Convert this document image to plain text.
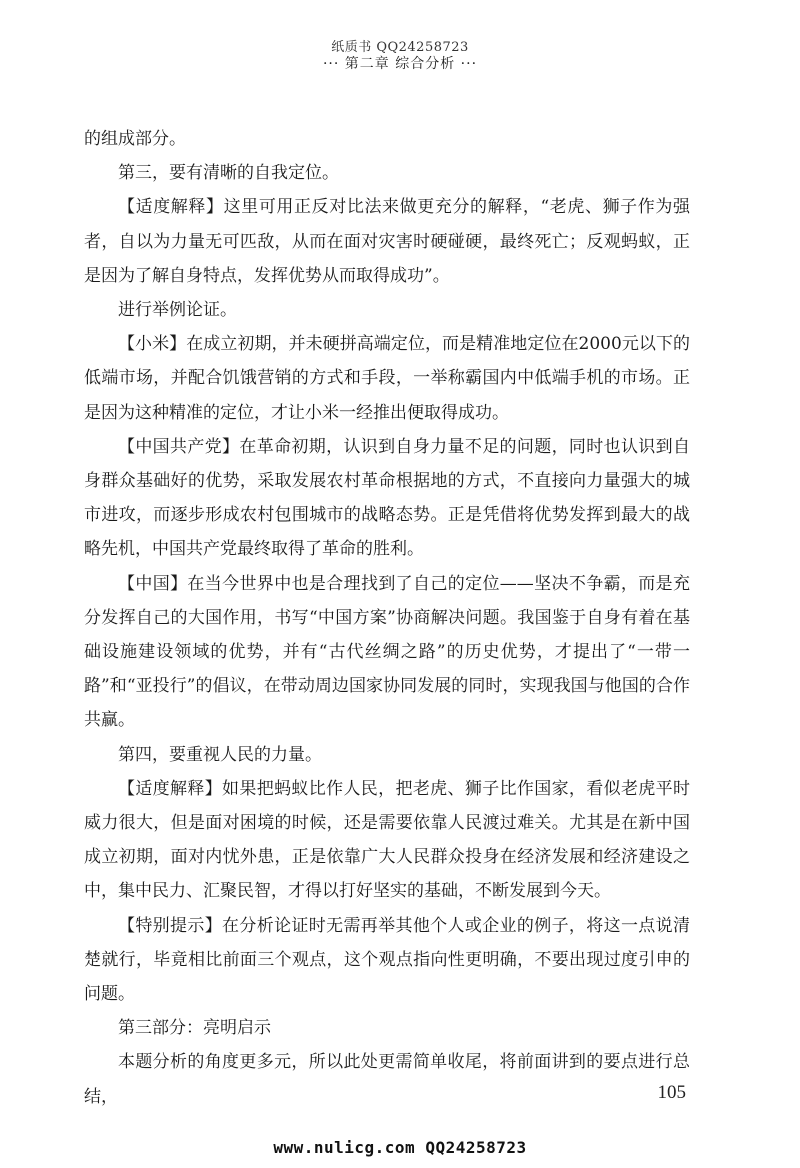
纸质书 QQ24258723
··· 第二章 综合分析 ···

的组成部分。

第三，要有清晰的自我定位。

【适度解释】这里可用正反对比法来做更充分的解释，“老虎、狮子作为强者，自以为力量无可匹敌，从而在面对灾害时硬碰硬，最终死亡；反观蚂蚁，正是因为了解自身特点，发挥优势从而取得成功”。

进行举例论证。

【小米】在成立初期，并未硬拼高端定位，而是精准地定位在2000元以下的低端市场，并配合饥饿营销的方式和手段，一举称霸国内中低端手机的市场。正是因为这种精准的定位，才让小米一经推出便取得成功。

【中国共产党】在革命初期，认识到自身力量不足的问题，同时也认识到自身群众基础好的优势，采取发展农村革命根据地的方式，不直接向力量强大的城市进攻，而逐步形成农村包围城市的战略态势。正是凭借将优势发挥到最大的战略先机，中国共产党最终取得了革命的胜利。

【中国】在当今世界中也是合理找到了自己的定位——坚决不争霸，而是充分发挥自己的大国作用，书写“中国方案”协商解决问题。我国鉴于自身有着在基础设施建设领域的优势，并有“古代丝绸之路”的历史优势，才提出了“一带一路”和“亚投行”的倡议，在带动周边国家协同发展的同时，实现我国与他国的合作共赢。

第四，要重视人民的力量。

【适度解释】如果把蚂蚁比作人民，把老虎、狮子比作国家，看似老虎平时威力很大，但是面对困境的时候，还是需要依靠人民渡过难关。尤其是在新中国成立初期，面对内忧外患，正是依靠广大人民群众投身在经济发展和经济建设之中，集中民力、汇聚民智，才得以打好坚实的基础，不断发展到今天。

【特别提示】在分析论证时无需再举其他个人或企业的例子，将这一点说清楚就行，毕竟相比前面三个观点，这个观点指向性更明确，不要出现过度引申的问题。

第三部分：亮明启示

本题分析的角度更多元，所以此处更需简单收尾，将前面讲到的要点进行总结，	105
www.nulicg.com QQ24258723
